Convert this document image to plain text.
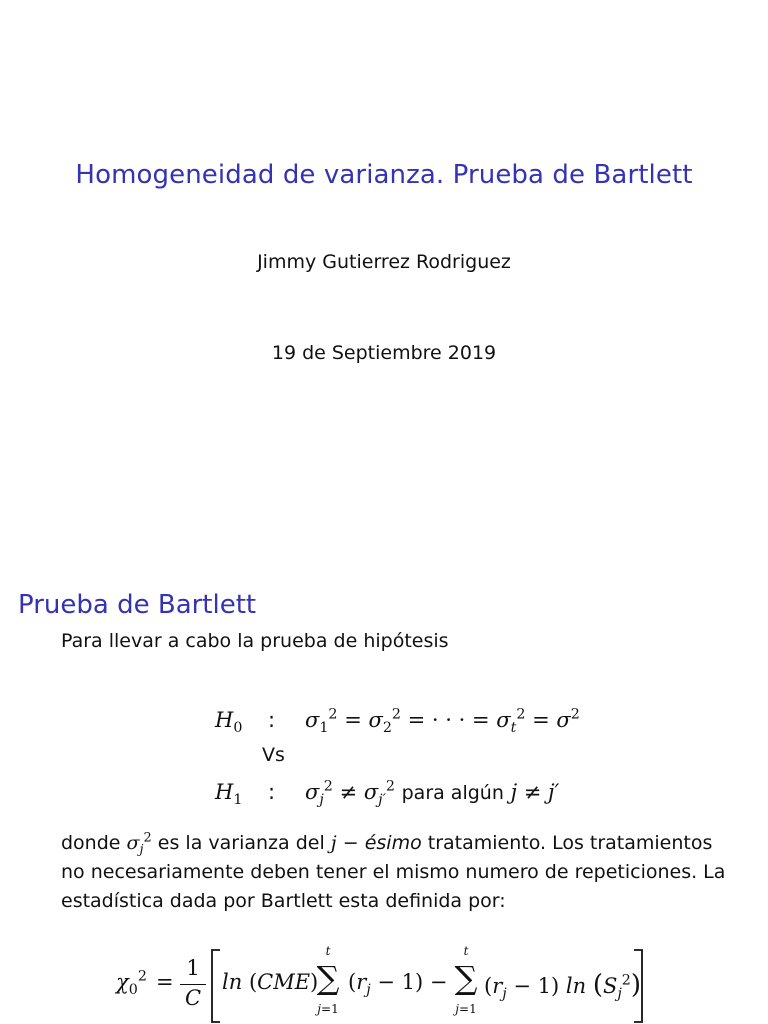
Homogeneidad de varianza. Prueba de Bartlett
Jimmy Gutierrez Rodriguez
19 de Septiembre 2019
Prueba de Bartlett
Para llevar a cabo la prueba de hipótesis
$H_0$ : $\sigma_1^2 = \sigma_2^2$ = · · · = $\sigma_t^2 = \sigma^2$
Vs
$H_1$ : $\sigma_j^2 \ne \sigma_{j'}^2$ para algún j ≠ j′
donde $\sigma_j^2$ es la varianza del j − ésimo tratamiento. Los tratamientos
no necesariamente deben tener el mismo numero de repeticiones. La
estadística dada por Bartlett esta definida por:
$\chi_0^2$ =
1
C
ln (CME)
t
∑
j=1
$(r_j - 1)$ −
t
∑
j=1
$(r_j - 1)$ $\ln (S_j^2)$
